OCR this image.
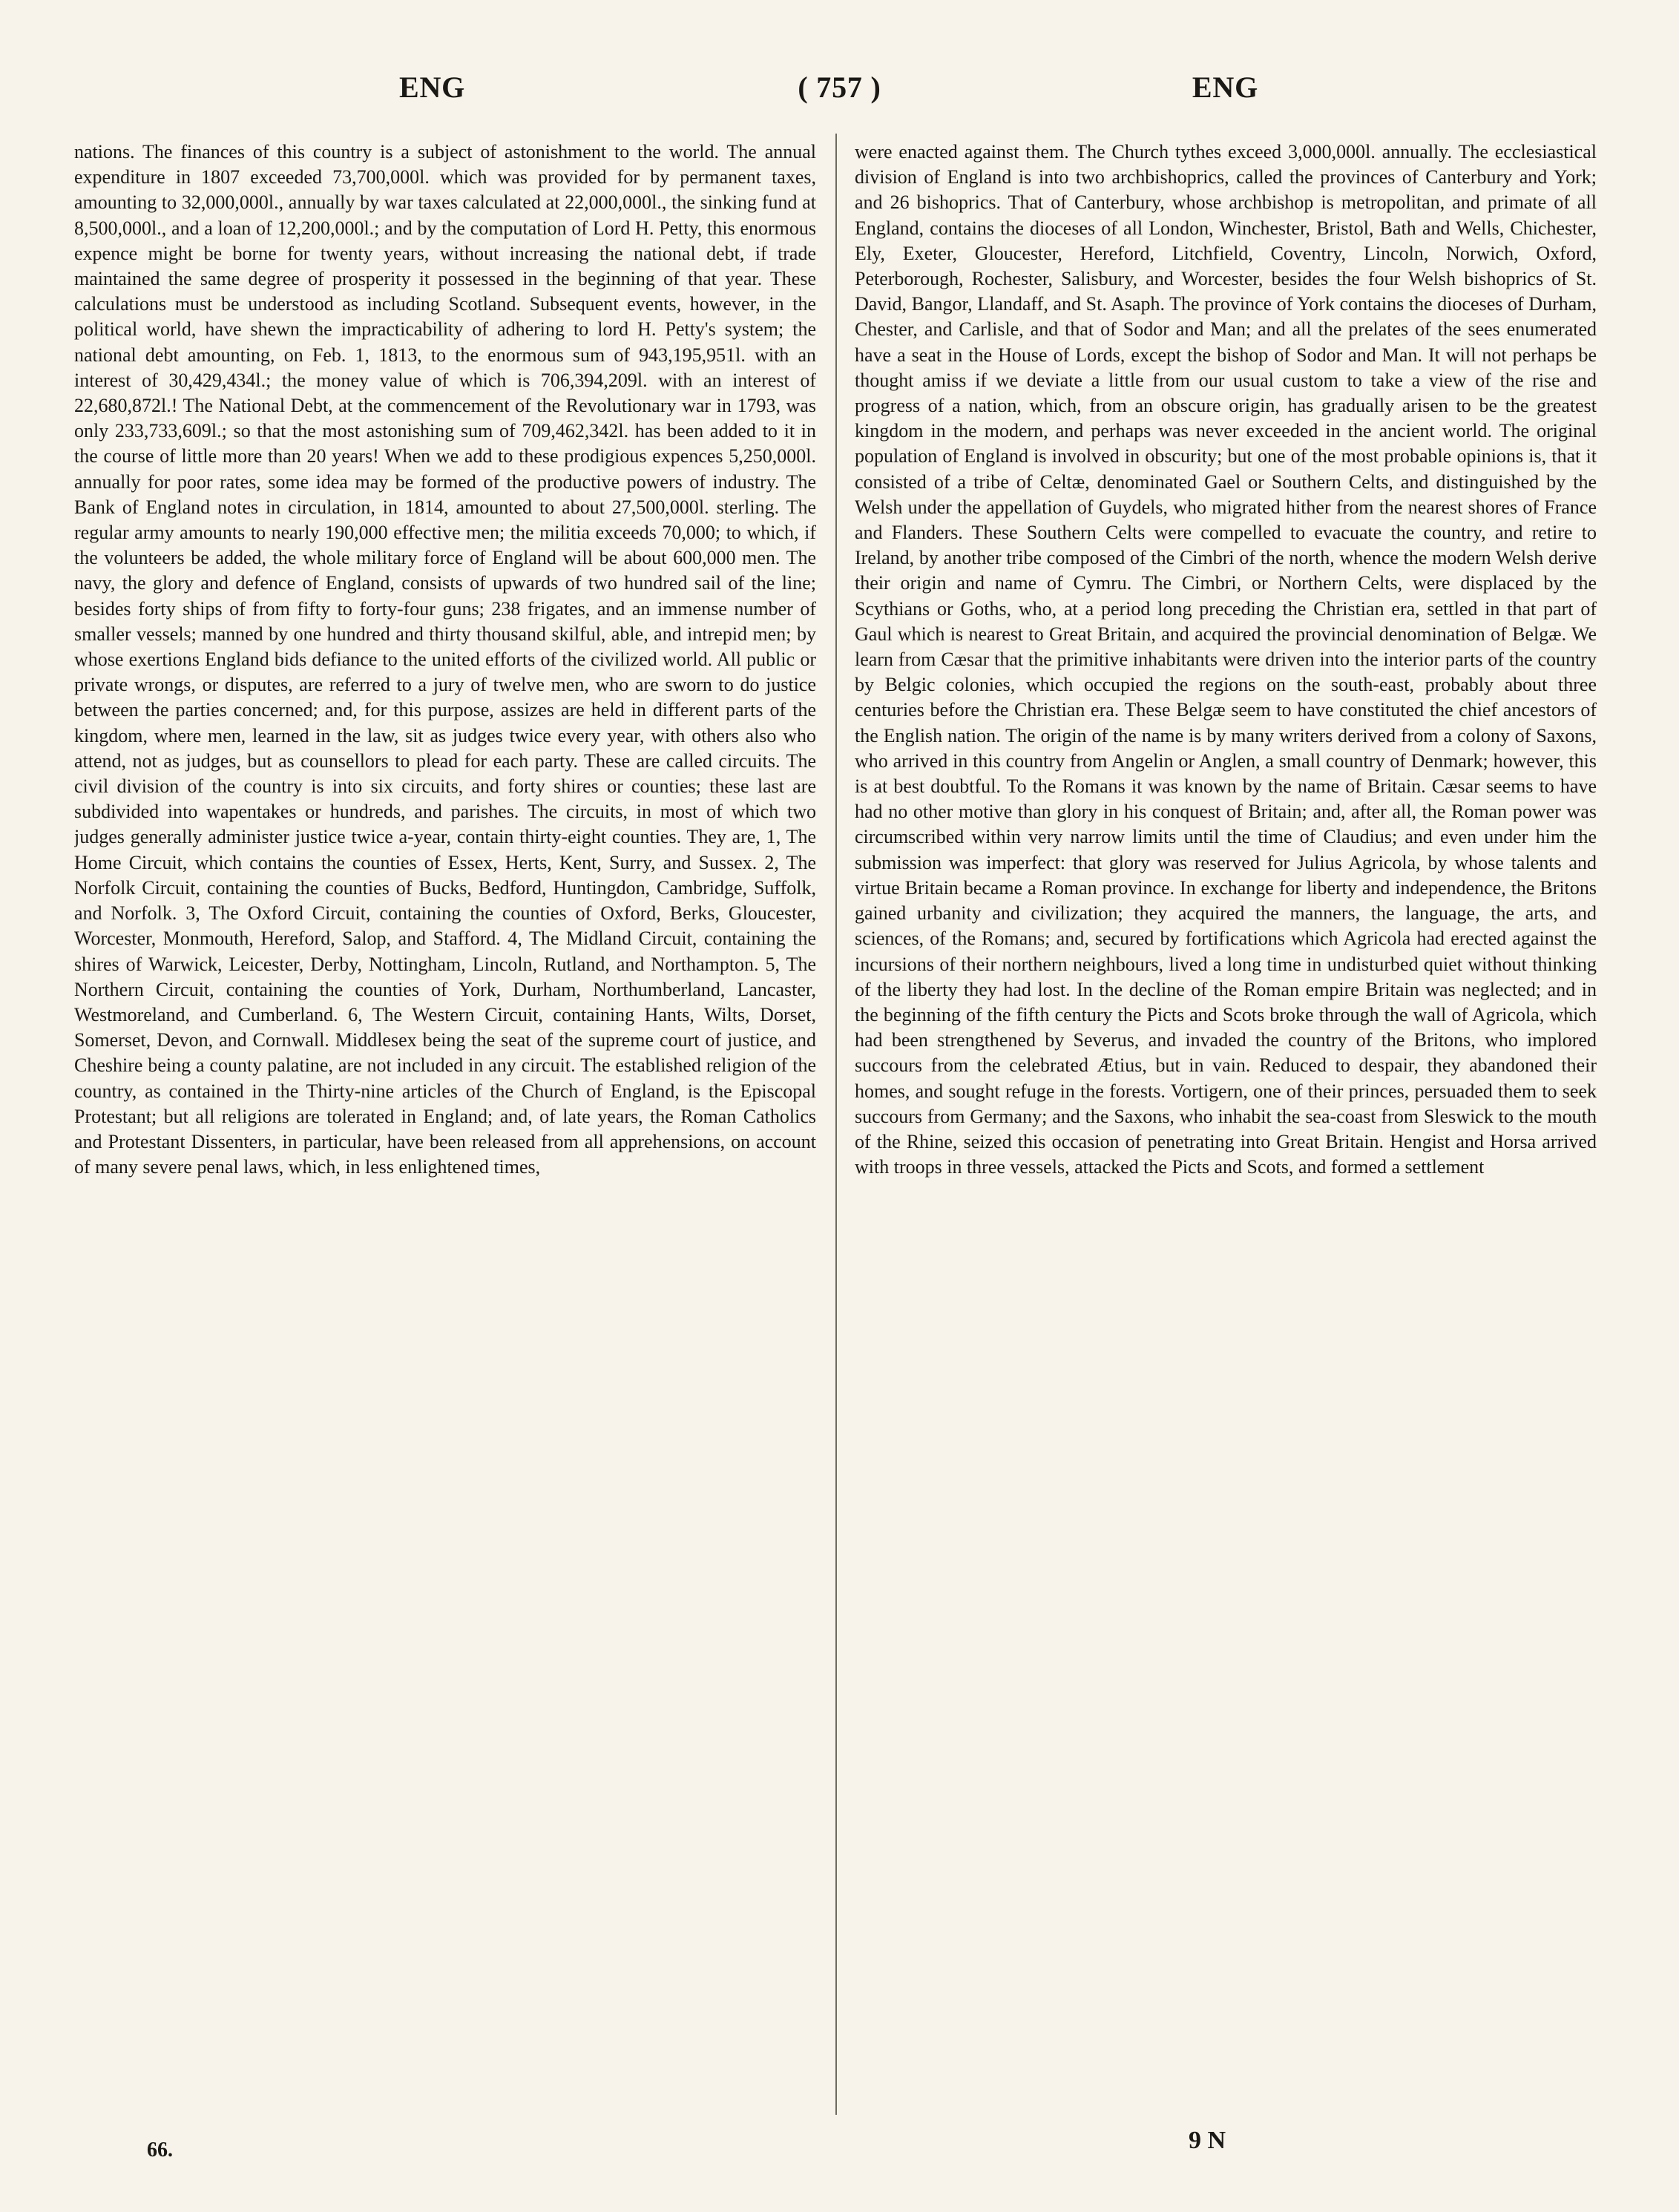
ENG	( 757 )	ENG

nations. The finances of this country is a subject of astonishment to the world. The annual expenditure in 1807 exceeded 73,700,000l. which was provided for by permanent taxes, amounting to 32,000,000l., annually by war taxes calculated at 22,000,000l., the sinking fund at 8,500,000l., and a loan of 12,200,000l.; and by the computation of Lord H. Petty, this enormous expence might be borne for twenty years, without increasing the national debt, if trade maintained the same degree of prosperity it possessed in the beginning of that year. These calculations must be understood as including Scotland. Subsequent events, however, in the political world, have shewn the impracticability of adhering to lord H. Petty's system; the national debt amounting, on Feb. 1, 1813, to the enormous sum of 943,195,951l. with an interest of 30,429,434l.; the money value of which is 706,394,209l. with an interest of 22,680,872l.! The National Debt, at the commencement of the Revolutionary war in 1793, was only 233,733,609l.; so that the most astonishing sum of 709,462,342l. has been added to it in the course of little more than 20 years! When we add to these prodigious expences 5,250,000l. annually for poor rates, some idea may be formed of the productive powers of industry. The Bank of England notes in circulation, in 1814, amounted to about 27,500,000l. sterling. The regular army amounts to nearly 190,000 effective men; the militia exceeds 70,000; to which, if the volunteers be added, the whole military force of England will be about 600,000 men. The navy, the glory and defence of England, consists of upwards of two hundred sail of the line; besides forty ships of from fifty to forty-four guns; 238 frigates, and an immense number of smaller vessels; manned by one hundred and thirty thousand skilful, able, and intrepid men; by whose exertions England bids defiance to the united efforts of the civilized world. All public or private wrongs, or disputes, are referred to a jury of twelve men, who are sworn to do justice between the parties concerned; and, for this purpose, assizes are held in different parts of the kingdom, where men, learned in the law, sit as judges twice every year, with others also who attend, not as judges, but as counsellors to plead for each party. These are called circuits. The civil division of the country is into six circuits, and forty shires or counties; these last are subdivided into wapentakes or hundreds, and parishes. The circuits, in most of which two judges generally administer justice twice a-year, contain thirty-eight counties. They are, 1, The Home Circuit, which contains the counties of Essex, Herts, Kent, Surry, and Sussex. 2, The Norfolk Circuit, containing the counties of Bucks, Bedford, Huntingdon, Cambridge, Suffolk, and Norfolk. 3, The Oxford Circuit, containing the counties of Oxford, Berks, Gloucester, Worcester, Monmouth, Hereford, Salop, and Stafford. 4, The Midland Circuit, containing the shires of Warwick, Leicester, Derby, Nottingham, Lincoln, Rutland, and Northampton. 5, The Northern Circuit, containing the counties of York, Durham, Northumberland, Lancaster, Westmoreland, and Cumberland. 6, The Western Circuit, containing Hants, Wilts, Dorset, Somerset, Devon, and Cornwall. Middlesex being the seat of the supreme court of justice, and Cheshire being a county palatine, are not included in any circuit. The established religion of the country, as contained in the Thirty-nine articles of the Church of England, is the Episcopal Protestant; but all religions are tolerated in England; and, of late years, the Roman Catholics and Protestant Dissenters, in particular, have been released from all apprehensions, on account of many severe penal laws, which, in less enlightened times,

were enacted against them. The Church tythes exceed 3,000,000l. annually. The ecclesiastical division of England is into two archbishoprics, called the provinces of Canterbury and York; and 26 bishoprics. That of Canterbury, whose archbishop is metropolitan, and primate of all England, contains the dioceses of all London, Winchester, Bristol, Bath and Wells, Chichester, Ely, Exeter, Gloucester, Hereford, Litchfield, Coventry, Lincoln, Norwich, Oxford, Peterborough, Rochester, Salisbury, and Worcester, besides the four Welsh bishoprics of St. David, Bangor, Llandaff, and St. Asaph. The province of York contains the dioceses of Durham, Chester, and Carlisle, and that of Sodor and Man; and all the prelates of the sees enumerated have a seat in the House of Lords, except the bishop of Sodor and Man. It will not perhaps be thought amiss if we deviate a little from our usual custom to take a view of the rise and progress of a nation, which, from an obscure origin, has gradually arisen to be the greatest kingdom in the modern, and perhaps was never exceeded in the ancient world. The original population of England is involved in obscurity; but one of the most probable opinions is, that it consisted of a tribe of Celtæ, denominated Gael or Southern Celts, and distinguished by the Welsh under the appellation of Guydels, who migrated hither from the nearest shores of France and Flanders. These Southern Celts were compelled to evacuate the country, and retire to Ireland, by another tribe composed of the Cimbri of the north, whence the modern Welsh derive their origin and name of Cymru. The Cimbri, or Northern Celts, were displaced by the Scythians or Goths, who, at a period long preceding the Christian era, settled in that part of Gaul which is nearest to Great Britain, and acquired the provincial denomination of Belgæ. We learn from Cæsar that the primitive inhabitants were driven into the interior parts of the country by Belgic colonies, which occupied the regions on the south-east, probably about three centuries before the Christian era. These Belgæ seem to have constituted the chief ancestors of the English nation. The origin of the name is by many writers derived from a colony of Saxons, who arrived in this country from Angelin or Anglen, a small country of Denmark; however, this is at best doubtful. To the Romans it was known by the name of Britain. Cæsar seems to have had no other motive than glory in his conquest of Britain; and, after all, the Roman power was circumscribed within very narrow limits until the time of Claudius; and even under him the submission was imperfect: that glory was reserved for Julius Agricola, by whose talents and virtue Britain became a Roman province. In exchange for liberty and independence, the Britons gained urbanity and civilization; they acquired the manners, the language, the arts, and sciences, of the Romans; and, secured by fortifications which Agricola had erected against the incursions of their northern neighbours, lived a long time in undisturbed quiet without thinking of the liberty they had lost. In the decline of the Roman empire Britain was neglected; and in the beginning of the fifth century the Picts and Scots broke through the wall of Agricola, which had been strengthened by Severus, and invaded the country of the Britons, who implored succours from the celebrated Ætius, but in vain. Reduced to despair, they abandoned their homes, and sought refuge in the forests. Vortigern, one of their princes, persuaded them to seek succours from Germany; and the Saxons, who inhabit the sea-coast from Sleswick to the mouth of the Rhine, seized this occasion of penetrating into Great Britain. Hengist and Horsa arrived with troops in three vessels, attacked the Picts and Scots, and formed a settlement

66.	9 N
